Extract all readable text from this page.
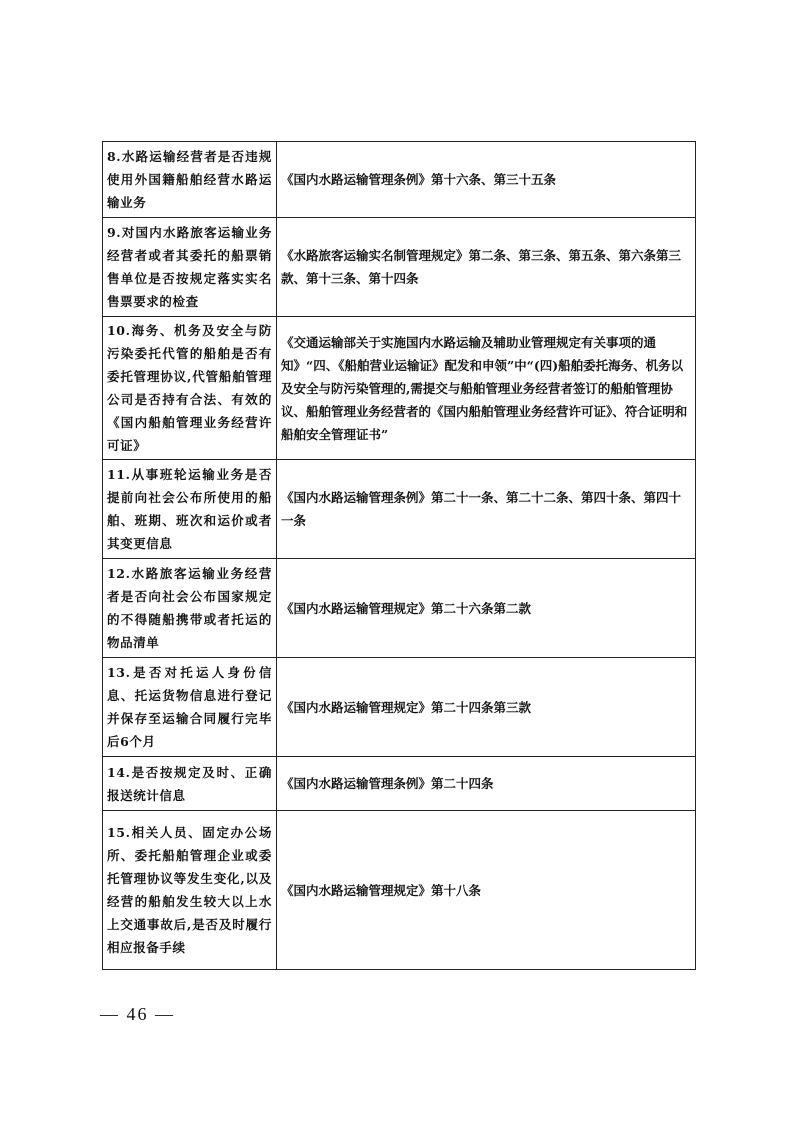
8.水路运输经营者是否违规使用外国籍船舶经营水路运输业务	《国内水路运输管理条例》第十六条、第三十五条
9.对国内水路旅客运输业务经营者或者其委托的船票销售单位是否按规定落实实名售票要求的检查	《水路旅客运输实名制管理规定》第二条、第三条、第五条、第六条第三款、第十三条、第十四条
10.海务、机务及安全与防污染委托代管的船舶是否有委托管理协议,代管船舶管理公司是否持有合法、有效的《国内船舶管理业务经营许可证》	《交通运输部关于实施国内水路运输及辅助业管理规定有关事项的通知》“四、《船舶营业运输证》配发和申领”中“(四)船舶委托海务、机务以及安全与防污染管理的,需提交与船舶管理业务经营者签订的船舶管理协议、船舶管理业务经营者的《国内船舶管理业务经营许可证》、符合证明和船舶安全管理证书”
11.从事班轮运输业务是否提前向社会公布所使用的船舶、班期、班次和运价或者其变更信息	《国内水路运输管理条例》第二十一条、第二十二条、第四十条、第四十一条
12.水路旅客运输业务经营者是否向社会公布国家规定的不得随船携带或者托运的物品清单	《国内水路运输管理规定》第二十六条第二款
13.是否对托运人身份信息、托运货物信息进行登记并保存至运输合同履行完毕后6个月	《国内水路运输管理规定》第二十四条第三款
14.是否按规定及时、正确报送统计信息	《国内水路运输管理条例》第二十四条
15.相关人员、固定办公场所、委托船舶管理企业或委托管理协议等发生变化,以及经营的船舶发生较大以上水上交通事故后,是否及时履行相应报备手续	《国内水路运输管理规定》第十八条
— 46 —
